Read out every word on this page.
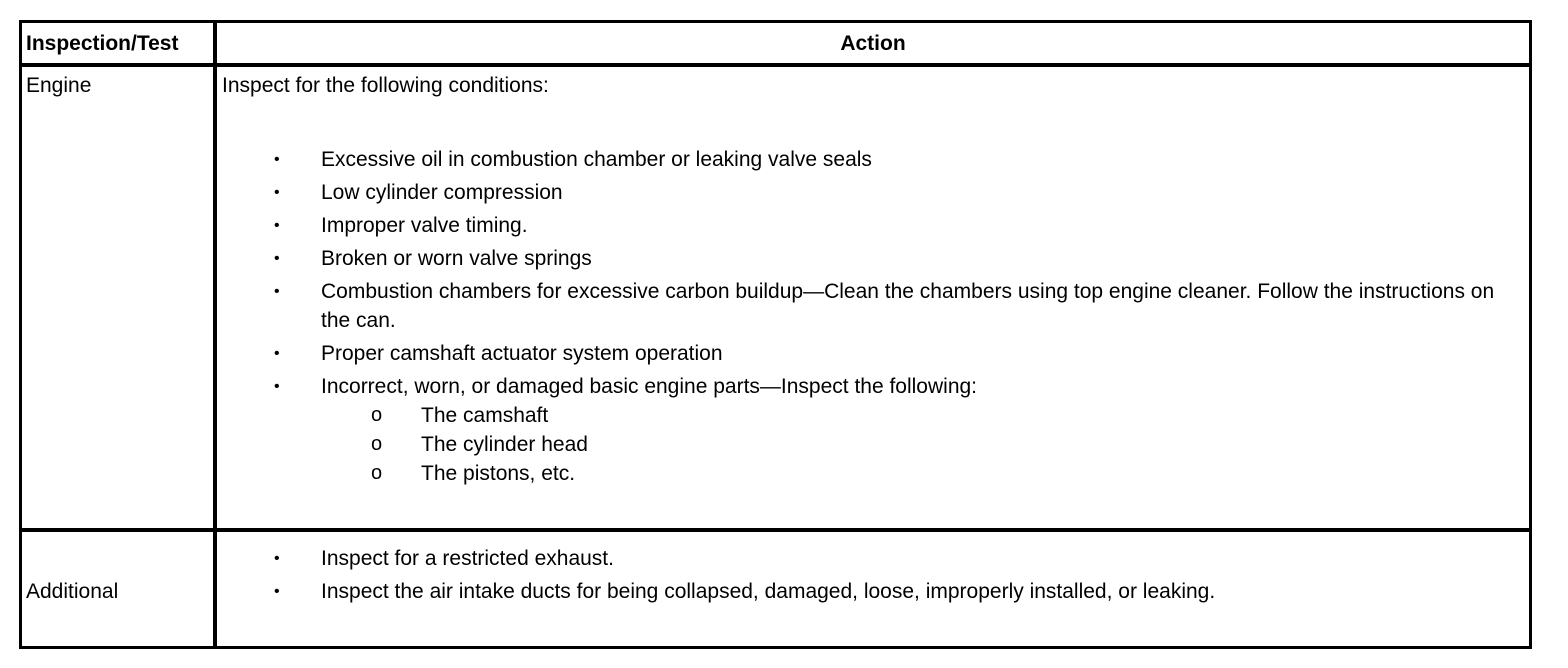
Inspection/Test	Action
Engine	Inspect for the following conditions:
• Excessive oil in combustion chamber or leaking valve seals
• Low cylinder compression
• Improper valve timing.
• Broken or worn valve springs
• Combustion chambers for excessive carbon buildup—Clean the chambers using top engine cleaner. Follow the instructions on the can.
• Proper camshaft actuator system operation
• Incorrect, worn, or damaged basic engine parts—Inspect the following:
o The camshaft
o The cylinder head
o The pistons, etc.
Additional
• Inspect for a restricted exhaust.
• Inspect the air intake ducts for being collapsed, damaged, loose, improperly installed, or leaking.
